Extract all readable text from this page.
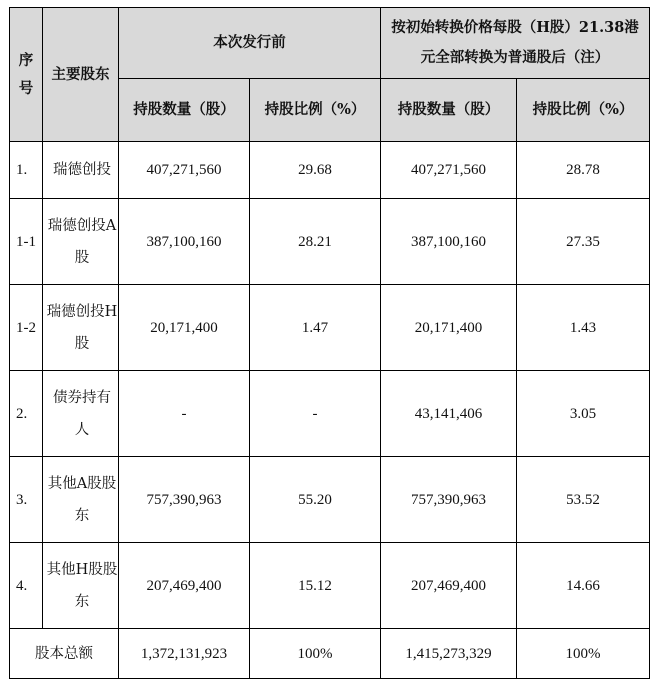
序号	主要股东	本次发行前		按初始转换价格每股（H股）21.38港元全部转换为普通股后（注）	

		持股数量（股）	持股比例（%）	持股数量（股）	持股比例（%）
1.	瑞德创投	407,271,560	29.68	407,271,560	28.78
1-1	瑞德创投A股	387,100,160	28.21	387,100,160	27.35
1-2	瑞德创投H股	20,171,400	1.47	20,171,400	1.43
2.	债券持有人	-	-	43,141,406	3.05
3.	其他A股股东	757,390,963	55.20	757,390,963	53.52
4.	其他H股股东	207,469,400	15.12	207,469,400	14.66
股本总额		1,372,131,923	100%	1,415,273,329	100%
